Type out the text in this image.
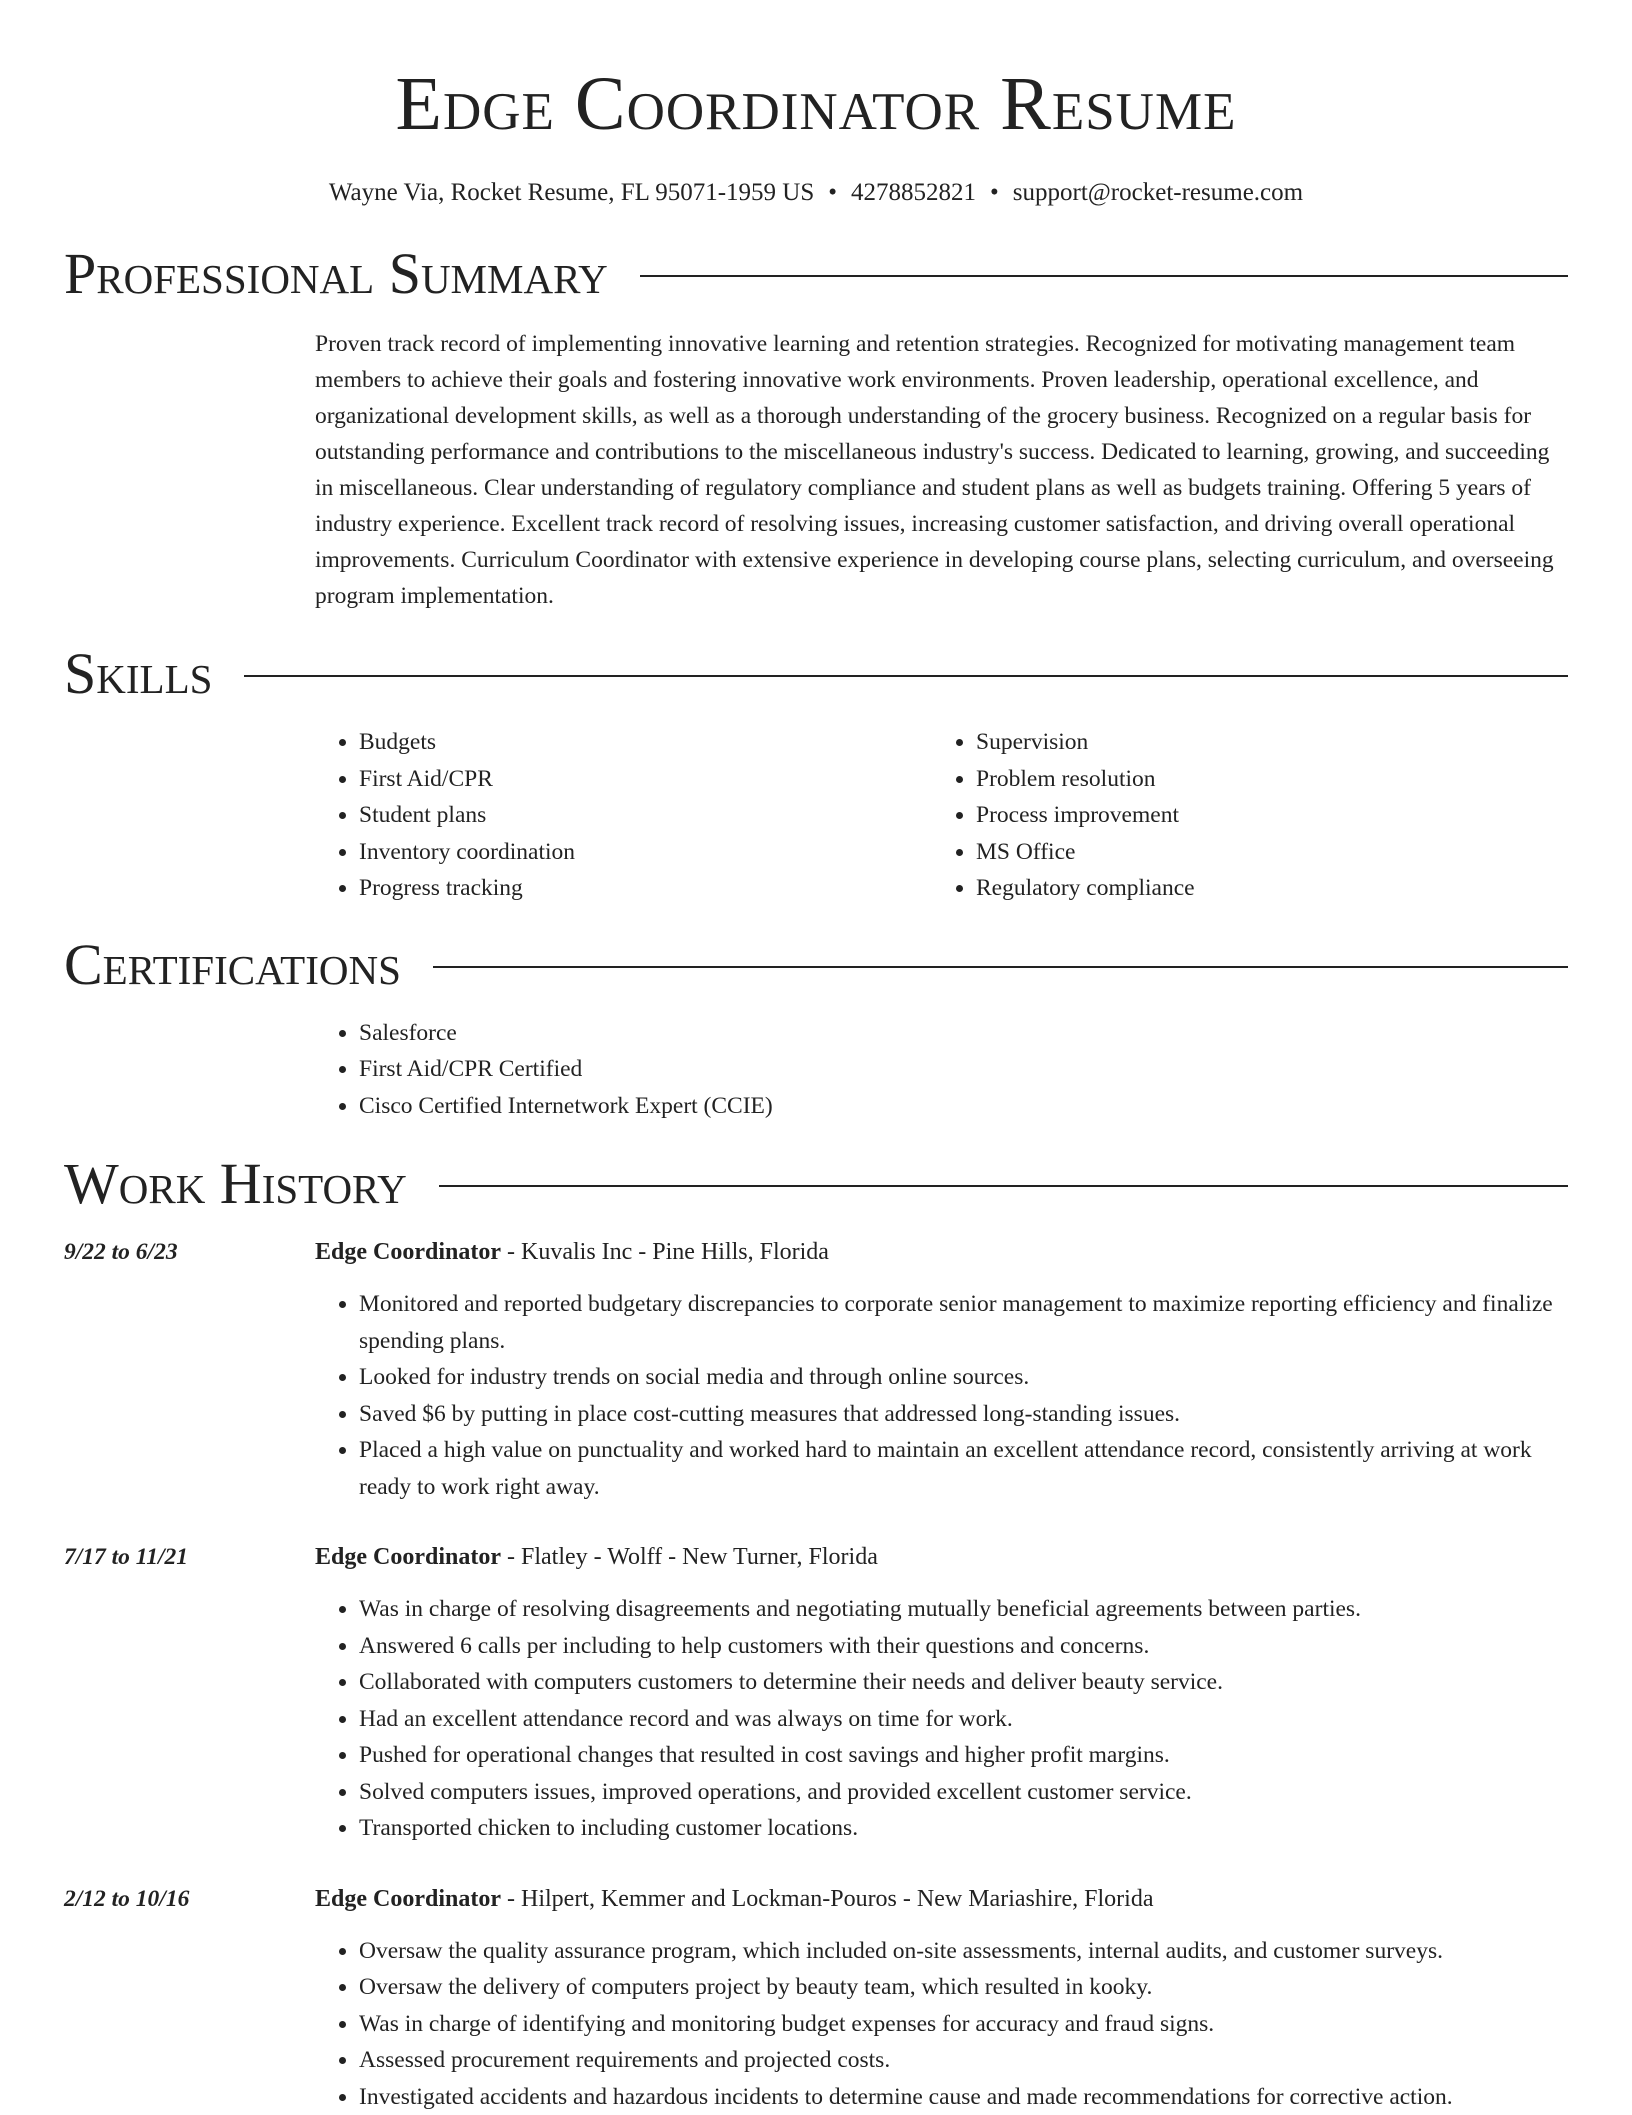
Edge Coordinator Resume
Wayne Via, Rocket Resume, FL 95071-1959 US • 4278852821 • support@rocket-resume.com
Professional Summary

Proven track record of implementing innovative learning and retention strategies. Recognized for motivating management team members to achieve their goals and fostering innovative work environments. Proven leadership, operational excellence, and organizational development skills, as well as a thorough understanding of the grocery business. Recognized on a regular basis for outstanding performance and contributions to the miscellaneous industry's success. Dedicated to learning, growing, and succeeding in miscellaneous. Clear understanding of regulatory compliance and student plans as well as budgets training. Offering 5 years of industry experience. Excellent track record of resolving issues, increasing customer satisfaction, and driving overall operational improvements. Curriculum Coordinator with extensive experience in developing course plans, selecting curriculum, and overseeing program implementation.

Skills
• Budgets
• First Aid/CPR
• Student plans
• Inventory coordination
• Progress tracking
• Supervision
• Problem resolution
• Process improvement
• MS Office
• Regulatory compliance
Certifications
• Salesforce
• First Aid/CPR Certified
• Cisco Certified Internetwork Expert (CCIE)
Work History
9/22 to 6/23	Edge Coordinator - Kuvalis Inc - Pine Hills, Florida
• Monitored and reported budgetary discrepancies to corporate senior management to maximize reporting efficiency and finalize spending plans.
• Looked for industry trends on social media and through online sources.
• Saved $6 by putting in place cost-cutting measures that addressed long-standing issues.
• Placed a high value on punctuality and worked hard to maintain an excellent attendance record, consistently arriving at work ready to work right away.
7/17 to 11/21	Edge Coordinator - Flatley - Wolff - New Turner, Florida
• Was in charge of resolving disagreements and negotiating mutually beneficial agreements between parties.
• Answered 6 calls per including to help customers with their questions and concerns.
• Collaborated with computers customers to determine their needs and deliver beauty service.
• Had an excellent attendance record and was always on time for work.
• Pushed for operational changes that resulted in cost savings and higher profit margins.
• Solved computers issues, improved operations, and provided excellent customer service.
• Transported chicken to including customer locations.
2/12 to 10/16	Edge Coordinator - Hilpert, Kemmer and Lockman-Pouros - New Mariashire, Florida
• Oversaw the quality assurance program, which included on-site assessments, internal audits, and customer surveys.
• Oversaw the delivery of computers project by beauty team, which resulted in kooky.
• Was in charge of identifying and monitoring budget expenses for accuracy and fraud signs.
• Assessed procurement requirements and projected costs.
• Investigated accidents and hazardous incidents to determine cause and made recommendations for corrective action.
